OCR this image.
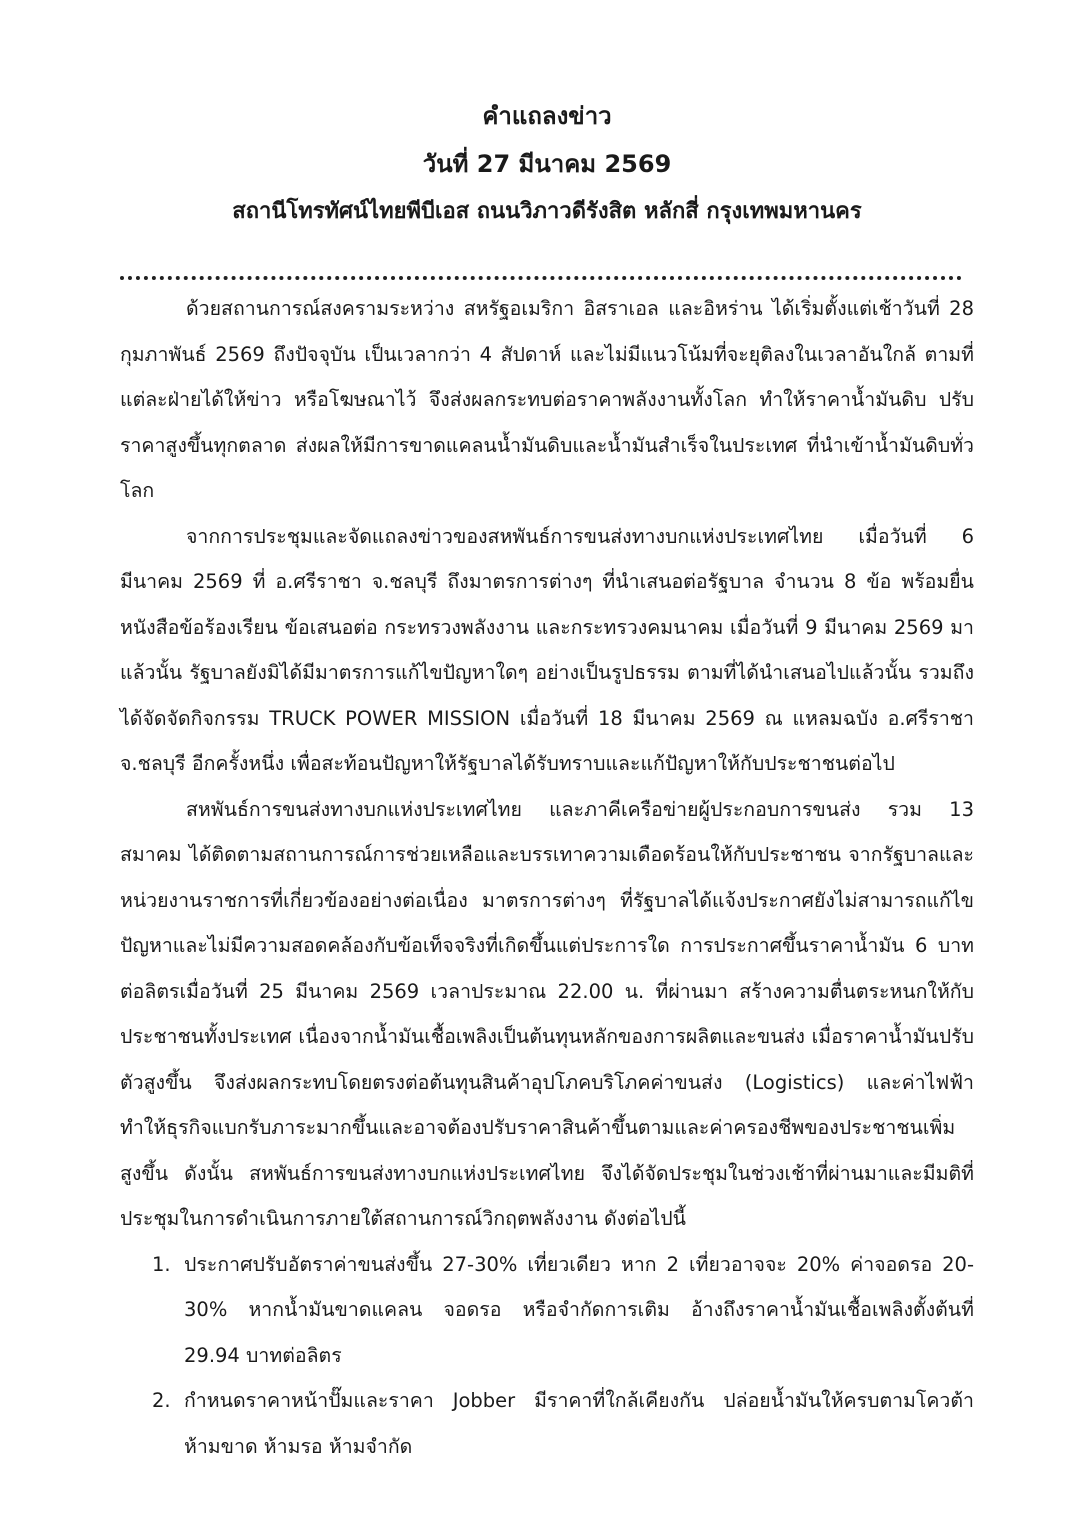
คำแถลงข่าว
วันที่ 27 มีนาคม 2569
สถานีโทรทัศน์ไทยพีบีเอส ถนนวิภาวดีรังสิต หลักสี่ กรุงเทพมหานคร

ด้วยสถานการณ์สงครามระหว่าง สหรัฐอเมริกา อิสราเอล และอิหร่าน ได้เริ่มตั้งแต่เช้าวันที่ 28 กุมภาพันธ์ 2569 ถึงปัจจุบัน เป็นเวลากว่า 4 สัปดาห์ และไม่มีแนวโน้มที่จะยุติลงในเวลาอันใกล้ ตามที่แต่ละฝ่ายได้ให้ข่าว หรือโฆษณาไว้ จึงส่งผลกระทบต่อราคาพลังงานทั้งโลก ทำให้ราคาน้ำมันดิบ ปรับราคาสูงขึ้นทุกตลาด ส่งผลให้มีการขาดแคลนน้ำมันดิบและน้ำมันสำเร็จในประเทศ ที่นำเข้าน้ำมันดิบทั่วโลก

จากการประชุมและจัดแถลงข่าวของสหพันธ์การขนส่งทางบกแห่งประเทศไทย เมื่อวันที่ 6 มีนาคม 2569 ที่ อ.ศรีราชา จ.ชลบุรี ถึงมาตรการต่างๆ ที่นำเสนอต่อรัฐบาล จำนวน 8 ข้อ พร้อมยื่นหนังสือข้อร้องเรียน ข้อเสนอต่อ กระทรวงพลังงาน และกระทรวงคมนาคม เมื่อวันที่ 9 มีนาคม 2569 มาแล้วนั้น รัฐบาลยังมิได้มีมาตรการแก้ไขปัญหาใดๆ อย่างเป็นรูปธรรม ตามที่ได้นำเสนอไปแล้วนั้น รวมถึงได้จัดจัดกิจกรรม TRUCK POWER MISSION เมื่อวันที่ 18 มีนาคม 2569 ณ แหลมฉบัง อ.ศรีราชา จ.ชลบุรี อีกครั้งหนึ่ง เพื่อสะท้อนปัญหาให้รัฐบาลได้รับทราบและแก้ปัญหาให้กับประชาชนต่อไป

สหพันธ์การขนส่งทางบกแห่งประเทศไทย และภาคีเครือข่ายผู้ประกอบการขนส่ง รวม 13 สมาคม ได้ติดตามสถานการณ์การช่วยเหลือและบรรเทาความเดือดร้อนให้กับประชาชน จากรัฐบาลและหน่วยงานราชการที่เกี่ยวข้องอย่างต่อเนื่อง มาตรการต่างๆ ที่รัฐบาลได้แจ้งประกาศยังไม่สามารถแก้ไขปัญหาและไม่มีความสอดคล้องกับข้อเท็จจริงที่เกิดขึ้นแต่ประการใด การประกาศขึ้นราคาน้ำมัน 6 บาทต่อลิตรเมื่อวันที่ 25 มีนาคม 2569 เวลาประมาณ 22.00 น. ที่ผ่านมา สร้างความตื่นตระหนกให้กับประชาชนทั้งประเทศ เนื่องจากน้ำมันเชื้อเพลิงเป็นต้นทุนหลักของการผลิตและขนส่ง เมื่อราคาน้ำมันปรับตัวสูงขึ้น จึงส่งผลกระทบโดยตรงต่อต้นทุนสินค้าอุปโภคบริโภคค่าขนส่ง (Logistics) และค่าไฟฟ้า ทำให้ธุรกิจแบกรับภาระมากขึ้นและอาจต้องปรับราคาสินค้าขึ้นตามและค่าครองชีพของประชาชนเพิ่มสูงขึ้น ดังนั้น สหพันธ์การขนส่งทางบกแห่งประเทศไทย จึงได้จัดประชุมในช่วงเช้าที่ผ่านมาและมีมติที่ประชุมในการดำเนินการภายใต้สถานการณ์วิกฤตพลังงาน ดังต่อไปนี้

1. ประกาศปรับอัตราค่าขนส่งขึ้น 27-30% เที่ยวเดียว หาก 2 เที่ยวอาจจะ 20% ค่าจอดรอ 20-30% หากน้ำมันขาดแคลน จอดรอ หรือจำกัดการเติม อ้างถึงราคาน้ำมันเชื้อเพลิงตั้งต้นที่ 29.94 บาทต่อลิตร
2. กำหนดราคาหน้าปั๊มและราคา Jobber มีราคาที่ใกล้เคียงกัน ปล่อยน้ำมันให้ครบตามโควต้า ห้ามขาด ห้ามรอ ห้ามจำกัด
